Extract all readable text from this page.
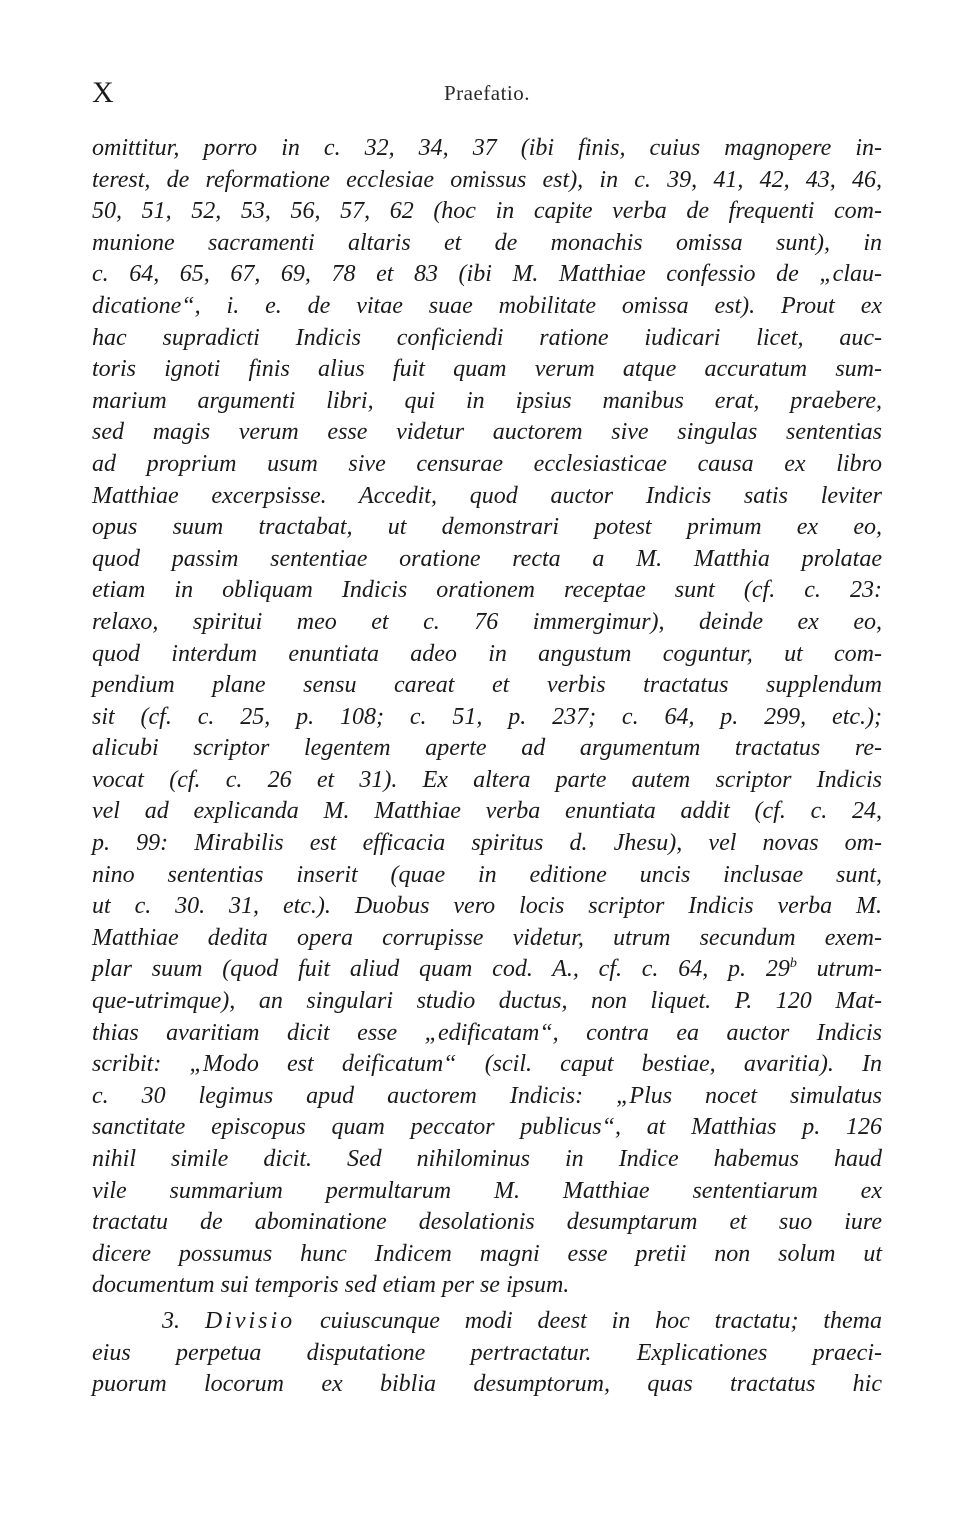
X	Praefatio.
omittitur, porro in c. 32, 34, 37 (ibi finis, cuius magnopere in-
terest, de reformatione ecclesiae omissus est), in c. 39, 41, 42, 43, 46,
50, 51, 52, 53, 56, 57, 62 (hoc in capite verba de frequenti com-
munione sacramenti altaris et de monachis omissa sunt), in
c. 64, 65, 67, 69, 78 et 83 (ibi M. Matthiae confessio de „clau-
dicatione“, i. e. de vitae suae mobilitate omissa est). Prout ex
hac supradicti Indicis conficiendi ratione iudicari licet, auc-
toris ignoti finis alius fuit quam verum atque accuratum sum-
marium argumenti libri, qui in ipsius manibus erat, praebere,
sed magis verum esse videtur auctorem sive singulas sententias
ad proprium usum sive censurae ecclesiasticae causa ex libro
Matthiae excerpsisse. Accedit, quod auctor Indicis satis leviter
opus suum tractabat, ut demonstrari potest primum ex eo,
quod passim sententiae oratione recta a M. Matthia prolatae
etiam in obliquam Indicis orationem receptae sunt (cf. c. 23:
relaxo, spiritui meo et c. 76 immergimur), deinde ex eo,
quod interdum enuntiata adeo in angustum coguntur, ut com-
pendium plane sensu careat et verbis tractatus supplendum
sit (cf. c. 25, p. 108; c. 51, p. 237; c. 64, p. 299, etc.);
alicubi scriptor legentem aperte ad argumentum tractatus re-
vocat (cf. c. 26 et 31). Ex altera parte autem scriptor Indicis
vel ad explicanda M. Matthiae verba enuntiata addit (cf. c. 24,
p. 99: Mirabilis est efficacia spiritus d. Jhesu), vel novas om-
nino sententias inserit (quae in editione uncis inclusae sunt,
ut c. 30. 31, etc.). Duobus vero locis scriptor Indicis verba M.
Matthiae dedita opera corrupisse videtur, utrum secundum exem-
plar suum (quod fuit aliud quam cod. A., cf. c. 64, p. 29$^b$ utrum-
que-utrimque), an singulari studio ductus, non liquet. P. 120 Mat-
thias avaritiam dicit esse „edificatam“, contra ea auctor Indicis
scribit: „Modo est deificatum“ (scil. caput bestiae, avaritia). In
c. 30 legimus apud auctorem Indicis: „Plus nocet simulatus
sanctitate episcopus quam peccator publicus“, at Matthias p. 126
nihil simile dicit. Sed nihilominus in Indice habemus haud
vile summarium permultarum M. Matthiae sententiarum ex
tractatu de abominatione desolationis desumptarum et suo iure
dicere possumus hunc Indicem magni esse pretii non solum ut
documentum sui temporis sed etiam per se ipsum.
3. Divisio cuiuscunque modi deest in hoc tractatu; thema
eius perpetua disputatione pertractatur. Explicationes praeci-
puorum locorum ex biblia desumptorum, quas tractatus hic
